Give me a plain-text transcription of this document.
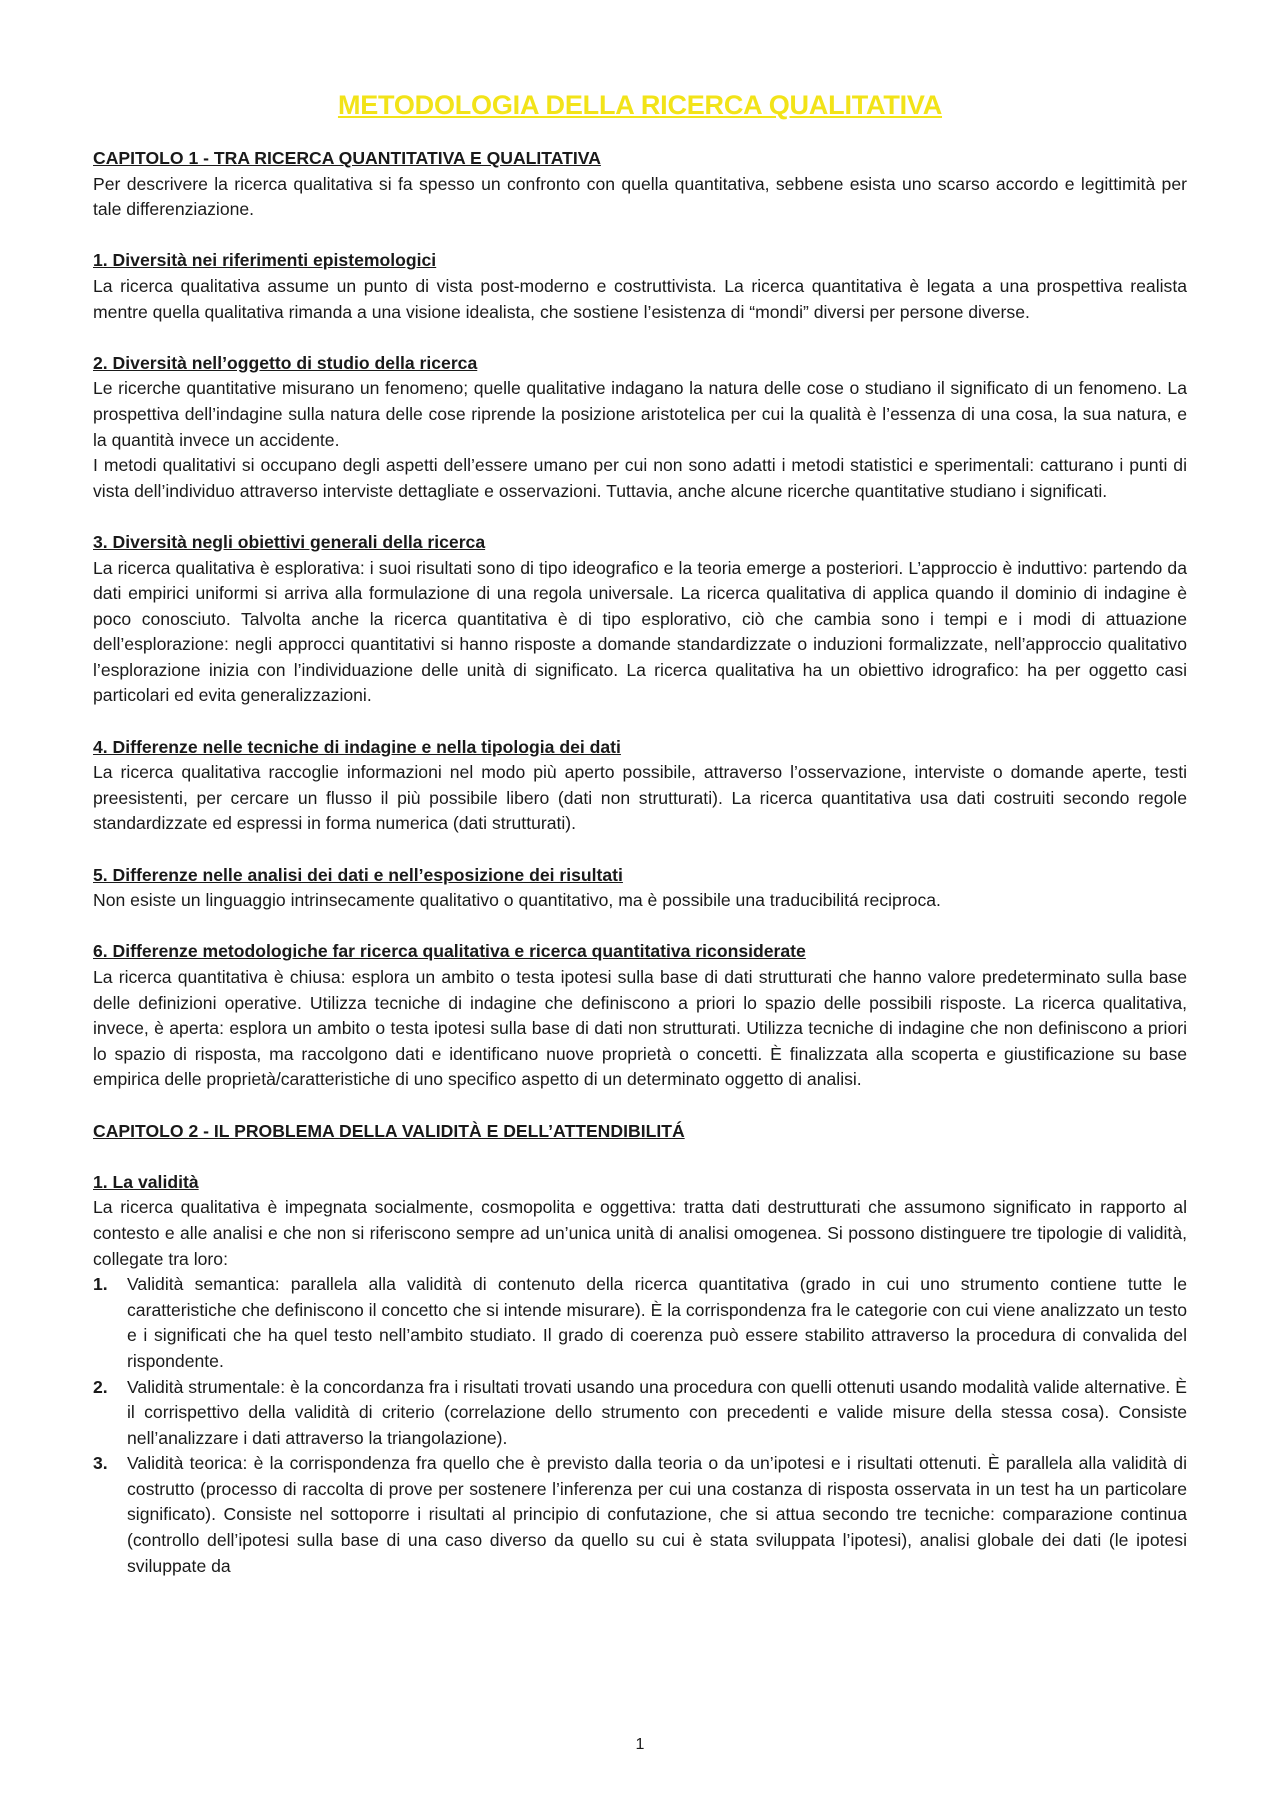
METODOLOGIA DELLA RICERCA QUALITATIVA
CAPITOLO 1 - TRA RICERCA QUANTITATIVA E QUALITATIVA

Per descrivere la ricerca qualitativa si fa spesso un confronto con quella quantitativa, sebbene esista uno scarso accordo e legittimità per tale differenziazione.

1. Diversità nei riferimenti epistemologici

La ricerca qualitativa assume un punto di vista post-moderno e costruttivista. La ricerca quantitativa è legata a una prospettiva realista mentre quella qualitativa rimanda a una visione idealista, che sostiene l’esistenza di “mondi” diversi per persone diverse.

2. Diversità nell’oggetto di studio della ricerca

Le ricerche quantitative misurano un fenomeno; quelle qualitative indagano la natura delle cose o studiano il significato di un fenomeno. La prospettiva dell’indagine sulla natura delle cose riprende la posizione aristotelica per cui la qualità è l’essenza di una cosa, la sua natura, e la quantità invece un accidente.

I metodi qualitativi si occupano degli aspetti dell’essere umano per cui non sono adatti i metodi statistici e sperimentali: catturano i punti di vista dell’individuo attraverso interviste dettagliate e osservazioni. Tuttavia, anche alcune ricerche quantitative studiano i significati.

3. Diversità negli obiettivi generali della ricerca

La ricerca qualitativa è esplorativa: i suoi risultati sono di tipo ideografico e la teoria emerge a posteriori. L’approccio è induttivo: partendo da dati empirici uniformi si arriva alla formulazione di una regola universale. La ricerca qualitativa di applica quando il dominio di indagine è poco conosciuto. Talvolta anche la ricerca quantitativa è di tipo esplorativo, ciò che cambia sono i tempi e i modi di attuazione dell’esplorazione: negli approcci quantitativi si hanno risposte a domande standardizzate o induzioni formalizzate, nell’approccio qualitativo l’esplorazione inizia con l’individuazione delle unità di significato. La ricerca qualitativa ha un obiettivo idrografico: ha per oggetto casi particolari ed evita generalizzazioni.

4. Differenze nelle tecniche di indagine e nella tipologia dei dati

La ricerca qualitativa raccoglie informazioni nel modo più aperto possibile, attraverso l’osservazione, interviste o domande aperte, testi preesistenti, per cercare un flusso il più possibile libero (dati non strutturati). La ricerca quantitativa usa dati costruiti secondo regole standardizzate ed espressi in forma numerica (dati strutturati).

5. Differenze nelle analisi dei dati e nell’esposizione dei risultati

Non esiste un linguaggio intrinsecamente qualitativo o quantitativo, ma è possibile una traducibilitá reciproca.

6. Differenze metodologiche far ricerca qualitativa e ricerca quantitativa riconsiderate

La ricerca quantitativa è chiusa: esplora un ambito o testa ipotesi sulla base di dati strutturati che hanno valore predeterminato sulla base delle definizioni operative. Utilizza tecniche di indagine che definiscono a priori lo spazio delle possibili risposte. La ricerca qualitativa, invece, è aperta: esplora un ambito o testa ipotesi sulla base di dati non strutturati. Utilizza tecniche di indagine che non definiscono a priori lo spazio di risposta, ma raccolgono dati e identificano nuove proprietà o concetti. È finalizzata alla scoperta e giustificazione su base empirica delle proprietà/caratteristiche di uno specifico aspetto di un determinato oggetto di analisi.

CAPITOLO 2 - IL PROBLEMA DELLA VALIDITÀ E DELL’ATTENDIBILITÁ
1. La validità

La ricerca qualitativa è impegnata socialmente, cosmopolita e oggettiva: tratta dati destrutturati che assumono significato in rapporto al contesto e alle analisi e che non si riferiscono sempre ad un’unica unità di analisi omogenea. Si possono distinguere tre tipologie di validità, collegate tra loro:

1. Validità semantica: parallela alla validità di contenuto della ricerca quantitativa (grado in cui uno strumento contiene tutte le caratteristiche che definiscono il concetto che si intende misurare). È la corrispondenza fra le categorie con cui viene analizzato un testo e i significati che ha quel testo nell’ambito studiato. Il grado di coerenza può essere stabilito attraverso la procedura di convalida del rispondente.
2. Validità strumentale: è la concordanza fra i risultati trovati usando una procedura con quelli ottenuti usando modalità valide alternative. È il corrispettivo della validità di criterio (correlazione dello strumento con precedenti e valide misure della stessa cosa). Consiste nell’analizzare i dati attraverso la triangolazione).
3. Validità teorica: è la corrispondenza fra quello che è previsto dalla teoria o da un’ipotesi e i risultati ottenuti. È parallela alla validità di costrutto (processo di raccolta di prove per sostenere l’inferenza per cui una costanza di risposta osservata in un test ha un particolare significato). Consiste nel sottoporre i risultati al principio di confutazione, che si attua secondo tre tecniche: comparazione continua (controllo dell’ipotesi sulla base di una caso diverso da quello su cui è stata sviluppata l’ipotesi), analisi globale dei dati (le ipotesi sviluppate da
1
